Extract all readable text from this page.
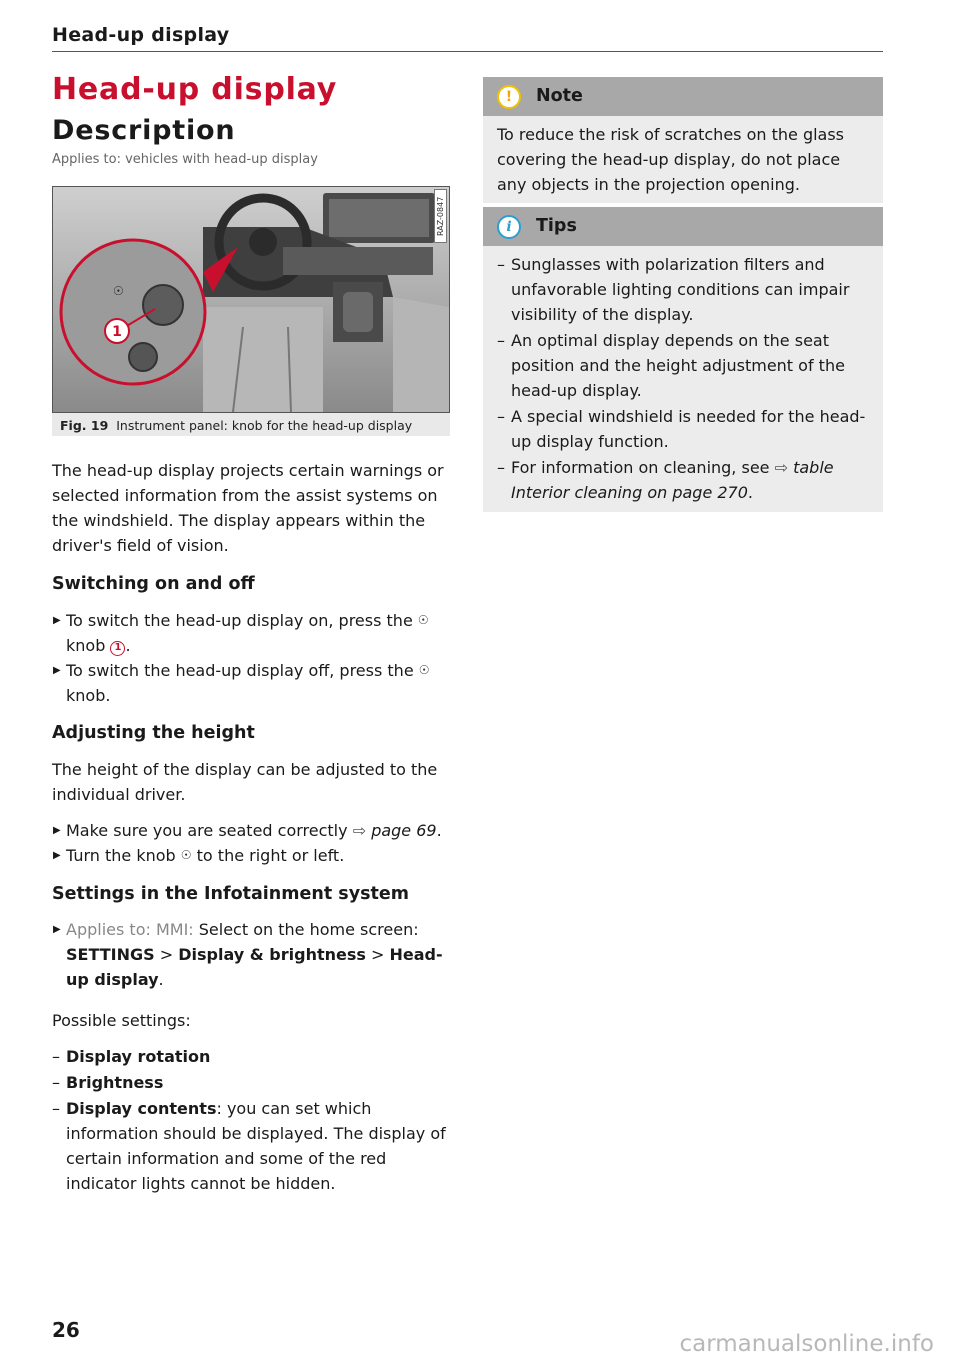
Head-up display
Head-up display
Description
Applies to: vehicles with head-up display
☉
1
RAZ-0847
Fig. 19 Instrument panel: knob for the head-up display

The head-up display projects certain warnings or selected information from the assist systems on the windshield. The display appears within the driver's field of vision.

Switching on and off
▶ To switch the head-up display on, press the ☉ knob 1 .
▶ To switch the head-up display off, press the ☉ knob.
Adjusting the height

The height of the display can be adjusted to the individual driver.

▶ Make sure you are seated correctly ⇨ page 69.
▶ Turn the knob ☉ to the right or left.
Settings in the Infotainment system
▶ Applies to: MMI: Select on the home screen: SETTINGS > Display & brightness > Head-up display.

Possible settings:

– Display rotation
– Brightness
– Display contents: you can set which information should be displayed. The display of certain information and some of the red indicator lights cannot be hidden.
!	Note
To reduce the risk of scratches on the glass covering the head-up display, do not place any objects in the projection opening.
i	Tips
– Sunglasses with polarization filters and unfavorable lighting conditions can impair visibility of the display.
– An optimal display depends on the seat position and the height adjustment of the head-up display.
– A special windshield is needed for the head-up display function.
– For information on cleaning, see ⇨ table Interior cleaning on page 270.
26
carmanualsonline.info
